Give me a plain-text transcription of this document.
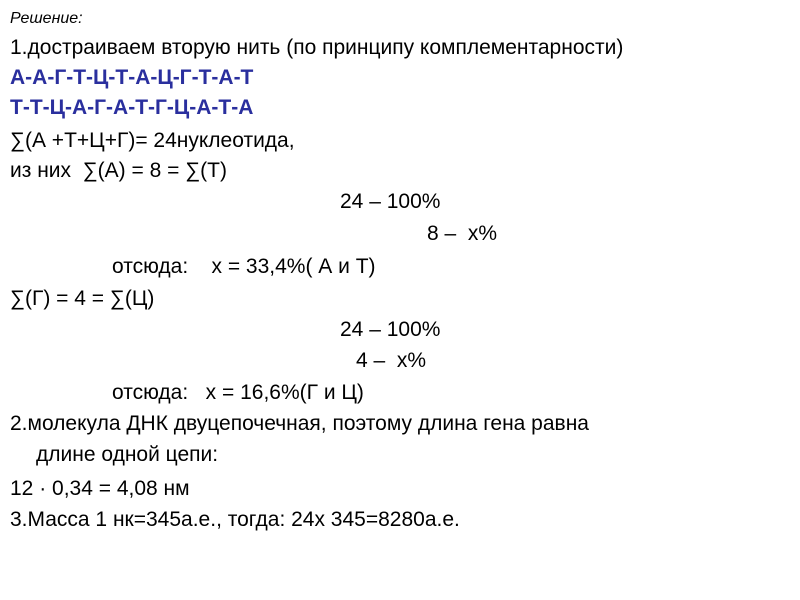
Решение:
1.достраиваем вторую нить (по принципу комплементарности)
А-А-Г-Т-Ц-Т-А-Ц-Г-Т-А-Т
Т-Т-Ц-А-Г-А-Т-Г-Ц-А-Т-А
∑(А +Т+Ц+Г)= 24нуклеотида,
из них  ∑(А) = 8 = ∑(Т)
24 – 100%
8 –  х%
отсюда:    х = 33,4%( А и Т)
∑(Г) = 4 = ∑(Ц)
24 – 100%
4 –  х%
отсюда:   х = 16,6%(Г и Ц)
2.молекула ДНК двуцепочечная, поэтому длина гена равна
длине одной цепи:
12 · 0,34 = 4,08 нм
3.Масса 1 нк=345а.е., тогда: 24х 345=8280а.е.
